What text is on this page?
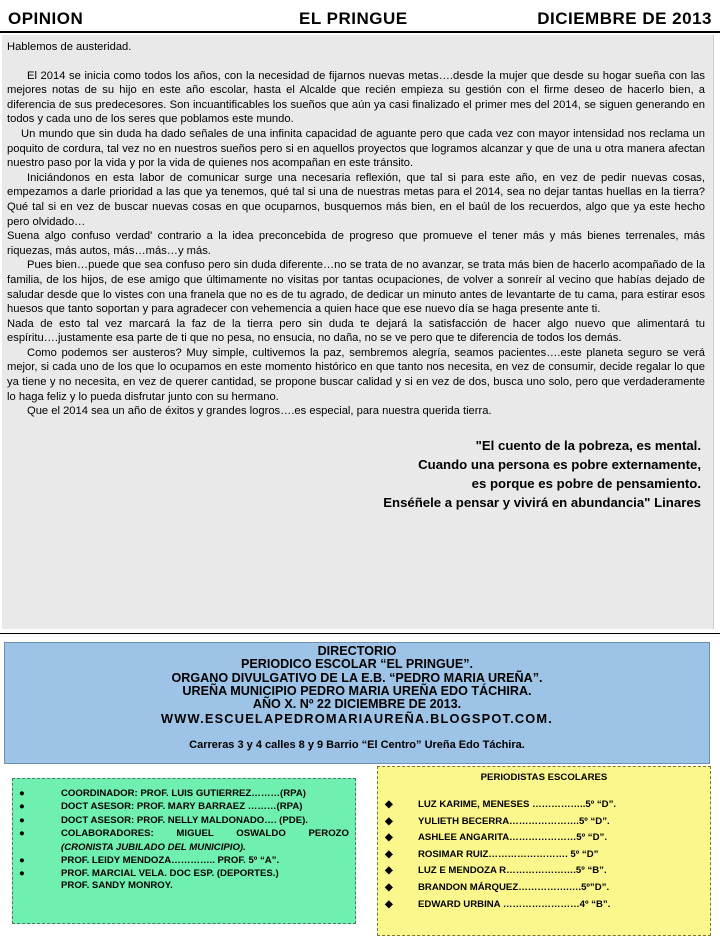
OPINION	EL PRINGUE	DICIEMBRE DE 2013

Hablemos de austeridad.

El 2014 se inicia como todos los años, con la necesidad de fijarnos nuevas metas….desde la mujer que desde su hogar sueña con las mejores notas de su hijo en este año escolar, hasta el Alcalde que recién empieza su gestión con el firme deseo de hacerlo bien, a diferencia de sus predecesores. Son incuantificables los sueños que aún ya casi finalizado el primer mes del 2014, se siguen generando en todos y cada uno de los seres que poblamos este mundo.

Un mundo que sin duda ha dado señales de una infinita capacidad de aguante pero que cada vez con mayor intensidad nos reclama un poquito de cordura, tal vez no en nuestros sueños pero si en aquellos proyectos que logramos alcanzar y que de una u otra manera afectan nuestro paso por la vida y por la vida de quienes nos acompañan en este tránsito.

Iniciándonos en esta labor de comunicar surge una necesaria reflexión, que tal si para este año, en vez de pedir nuevas cosas, empezamos a darle prioridad a las que ya tenemos, qué tal si una de nuestras metas para el 2014, sea no dejar tantas huellas en la tierra? Qué tal si en vez de buscar nuevas cosas en que ocuparnos, busquemos más bien, en el baúl de los recuerdos, algo que ya este hecho pero olvidado…

Suena algo confuso verdad' contrario a la idea preconcebida de progreso que promueve el tener más y más bienes terrenales, más riquezas, más autos, más…más…y más.

Pues bien…puede que sea confuso pero sin duda diferente…no se trata de no avanzar, se trata más bien de hacerlo acompañado de la familia, de los hijos, de ese amigo que últimamente no visitas por tantas ocupaciones, de volver a sonreír al vecino que habías dejado de saludar desde que lo vistes con una franela que no es de tu agrado, de dedicar un minuto antes de levantarte de tu cama, para estirar esos huesos que tanto soportan y para agradecer con vehemencia a quien hace que ese nuevo día se haga presente ante ti.

Nada de esto tal vez marcará la faz de la tierra pero sin duda te dejará la satisfacción de hacer algo nuevo que alimentará tu espíritu….justamente esa parte de ti que no pesa, no ensucia, no daña, no se ve pero que te diferencia de todos los demás.

Como podemos ser austeros? Muy simple, cultivemos la paz, sembremos alegría, seamos pacientes….este planeta seguro se verá mejor, si cada uno de los que lo ocupamos en este momento histórico en que tanto nos necesita, en vez de consumir, decide regalar lo que ya tiene y no necesita, en vez de querer cantidad, se propone buscar calidad y si en vez de dos, busca uno solo, pero que verdaderamente lo haga feliz y lo pueda disfrutar junto con su hermano.

Que el 2014 sea un año de éxitos y grandes logros….es especial, para nuestra querida tierra.

"El cuento de la pobreza, es mental.
Cuando una persona es pobre externamente,
es porque es pobre de pensamiento.
Enséñele a pensar y vivirá en abundancia" Linares
DIRECTORIO
PERIODICO ESCOLAR “EL PRINGUE”.
ORGANO DIVULGATIVO DE LA E.B. “PEDRO MARIA UREÑA”.
UREÑA MUNICIPIO PEDRO MARIA UREÑA EDO TÁCHIRA.
AÑO X. Nº 22 DICIEMBRE DE 2013.
WWW.ESCUELAPEDROMARIAUREÑA.BLOGSPOT.COM.
Carreras 3 y 4 calles 8 y 9 Barrio “El Centro” Ureña Edo Táchira.
●	COORDINADOR: PROF. LUIS GUTIERREZ………(RPA)
●	DOCT ASESOR: PROF. MARY BARRAEZ ………(RPA)
●	DOCT ASESOR: PROF. NELLY MALDONADO…. (PDE).
●	COLABORADORES: MIGUEL OSWALDO PEROZO
(CRONISTA JUBILADO DEL MUNICIPIO).
●	PROF. LEIDY MENDOZA………….. PROF. 5º “A”.
●	PROF. MARCIAL VELA. DOC ESP. (DEPORTES.)
PROF. SANDY MONROY.
PERIODISTAS ESCOLARES
◆	LUZ KARIME, MENESES ……………..5º “D”.
◆	YULIETH BECERRA………………….5º “D”.
◆	ASHLEE ANGARITA…………………5º “D”.
◆	ROSIMAR RUIZ……………………. 5º “D”
◆	LUZ E MENDOZA R………………….5º “B”.
◆	BRANDON MÁRQUEZ…………….….5º”D”.
◆	EDWARD URBINA ……………………4º “B”.
